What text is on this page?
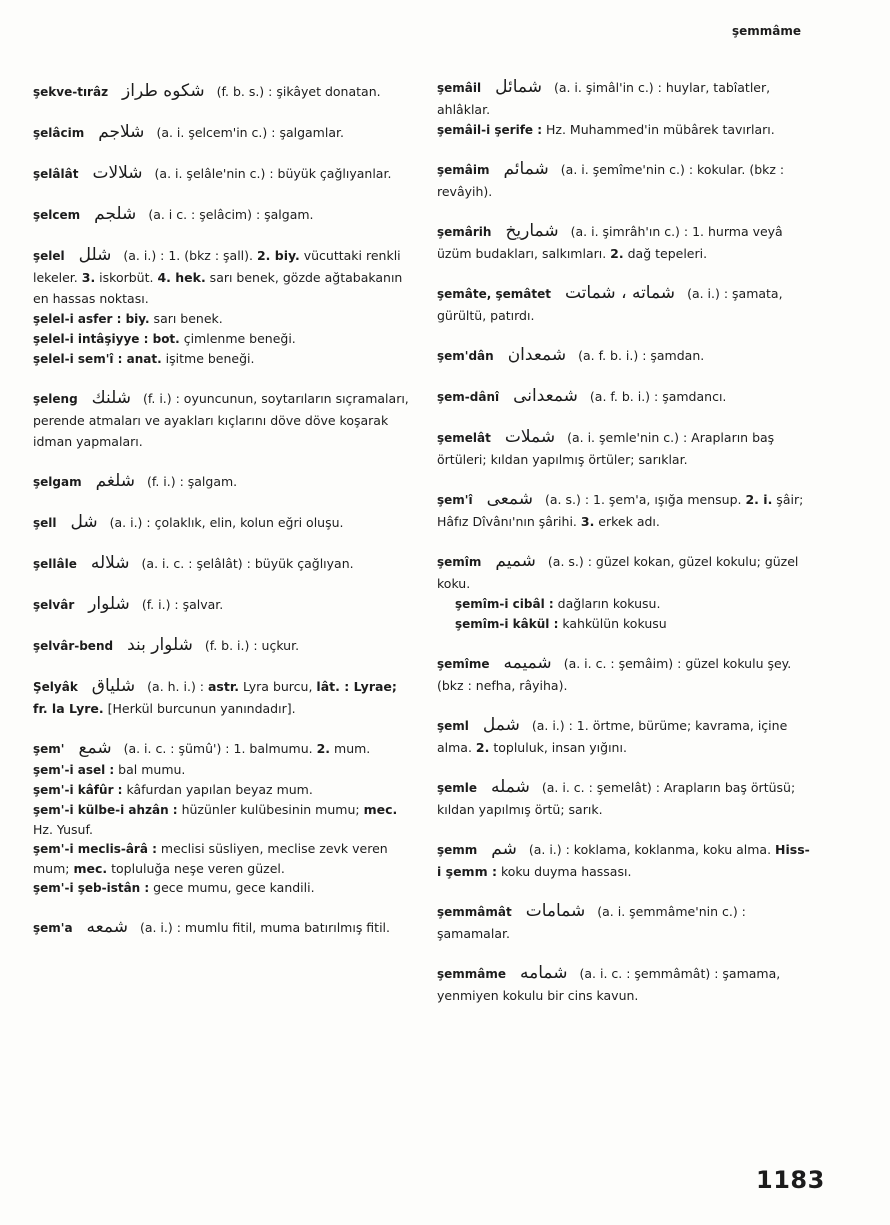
şemmâme

şekve-tırâz شكوه طراز (f. b. s.) : şikâyet donatan.

şelâcim شلاجم (a. i. şelcem'in c.) : şalgamlar.

şelâlât شلالات (a. i. şelâle'nin c.) : büyük çağlıyanlar.

şelcem شلجم (a. i c. : şelâcim) : şalgam.

şelel شلل (a. i.) : 1. (bkz : şall). 2. biy. vücuttaki renkli lekeler. 3. iskorbüt. 4. hek. sarı benek, gözde ağtabakanın en hassas noktası.

şelel-i asfer : biy. sarı benek.

şelel-i intâşiyye : bot. çimlenme beneği.

şelel-i sem'î : anat. işitme beneği.

şeleng شلنك (f. i.) : oyuncunun, soytarıların sıçramaları, perende atmaları ve ayakları kıçlarını döve döve koşarak idman yapmaları.

şelgam شلغم (f. i.) : şalgam.

şell شل (a. i.) : çolaklık, elin, kolun eğri oluşu.

şellâle شلاله (a. i. c. : şelâlât) : büyük çağlıyan.

şelvâr شلوار (f. i.) : şalvar.

şelvâr-bend شلوار بند (f. b. i.) : uçkur.

Şelyâk شلياق (a. h. i.) : astr. Lyra burcu, lât. : Lyrae; fr. la Lyre. [Herkül burcunun yanındadır].

şem' شمع (a. i. c. : şümû') : 1. balmumu. 2. mum.

şem'-i asel : bal mumu.

şem'-i kâfûr : kâfurdan yapılan beyaz mum.

şem'-i külbe-i ahzân : hüzünler kulübesinin mumu; mec. Hz. Yusuf.

şem'-i meclis-ârâ : meclisi süsliyen, meclise zevk veren mum; mec. topluluğa neşe veren güzel.

şem'-i şeb-istân : gece mumu, gece kandili.

şem'a شمعه (a. i.) : mumlu fitil, muma batırılmış fitil.

şemâil شمائل (a. i. şimâl'in c.) : huylar, tabîatler, ahlâklar.

şemâil-i şerife : Hz. Muhammed'in mübârek tavırları.

şemâim شمائم (a. i. şemîme'nin c.) : kokular. (bkz : revâyih).

şemârih شماريخ (a. i. şimrâh'ın c.) : 1. hurma veyâ üzüm budakları, salkımları. 2. dağ tepeleri.

şemâte, şemâtet شماته ، شماتت (a. i.) : şamata, gürültü, patırdı.

şem'dân شمعدان (a. f. b. i.) : şamdan.

şem-dânî شمعدانى (a. f. b. i.) : şamdancı.

şemelât شملات (a. i. şemle'nin c.) : Arapların baş örtüleri; kıldan yapılmış örtüler; sarıklar.

şem'î شمعى (a. s.) : 1. şem'a, ışığa mensup. 2. i. şâir; Hâfız Dîvânı'nın şârihi. 3. erkek adı.

şemîm شميم (a. s.) : güzel kokan, güzel kokulu; güzel koku.

şemîm-i cibâl : dağların kokusu.

şemîm-i kâkül : kahkülün kokusu

şemîme شميمه (a. i. c. : şemâim) : güzel kokulu şey. (bkz : nefha, râyiha).

şeml شمل (a. i.) : 1. örtme, bürüme; kavrama, içine alma. 2. topluluk, insan yığını.

şemle شمله (a. i. c. : şemelât) : Arapların baş örtüsü; kıldan yapılmış örtü; sarık.

şemm شم (a. i.) : koklama, koklanma, koku alma. Hiss-i şemm : koku duyma hassası.

şemmâmât شمامات (a. i. şemmâme'nin c.) : şamamalar.

şemmâme شمامه (a. i. c. : şemmâmât) : şamama, yenmiyen kokulu bir cins kavun.

1183
